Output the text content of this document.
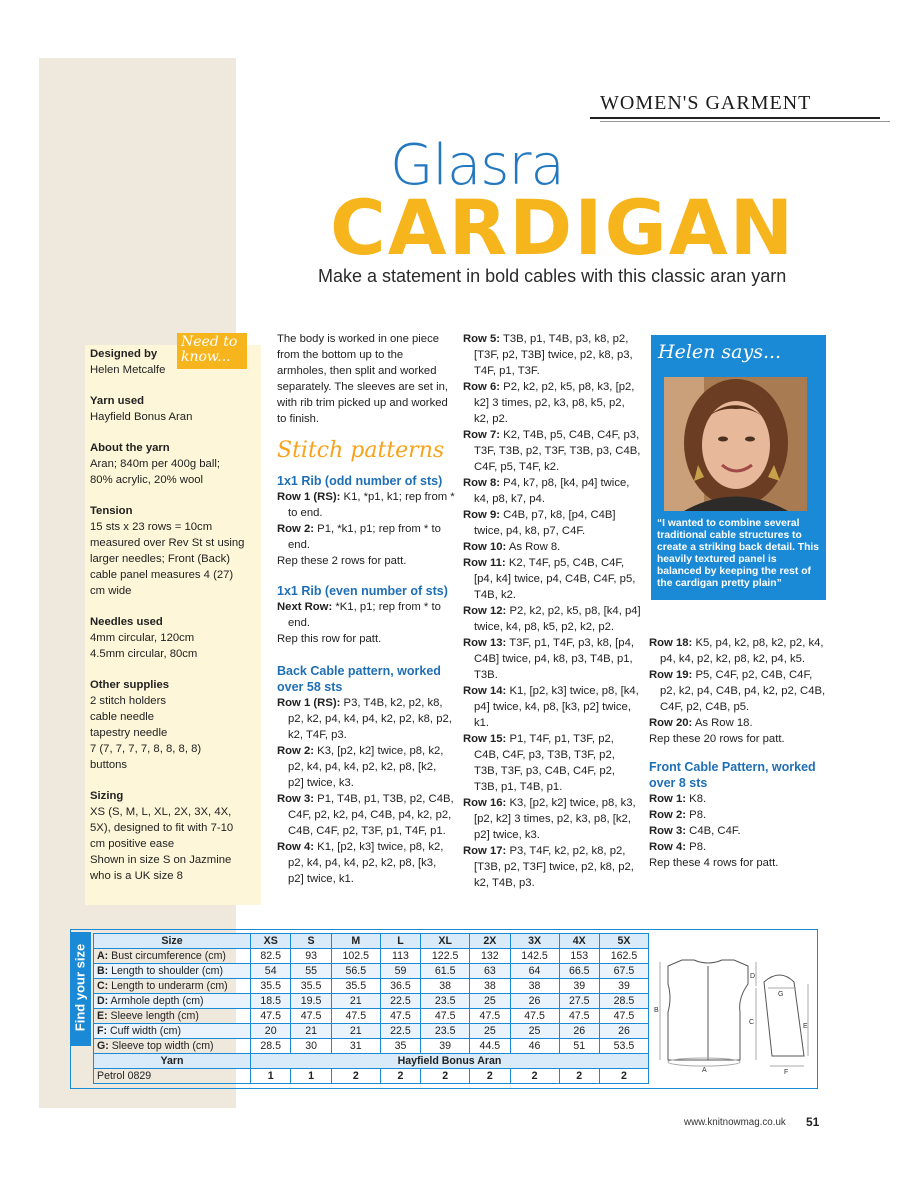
WOMEN'S GARMENT
Glasra
CARDIGAN
Make a statement in bold cables with this classic aran yarn
Need to know...
Designed by
Helen Metcalfe
Yarn used
Hayfield Bonus Aran
About the yarn
Aran; 840m per 400g ball;
80% acrylic, 20% wool
Tension
15 sts x 23 rows = 10cm
measured over Rev St st using
larger needles; Front (Back)
cable panel measures 4 (27)
cm wide
Needles used
4mm circular, 120cm
4.5mm circular, 80cm
Other supplies
2 stitch holders
cable needle
tapestry needle
7 (7, 7, 7, 7, 8, 8, 8, 8)
buttons
Sizing
XS (S, M, L, XL, 2X, 3X, 4X,
5X), designed to fit with 7-10
cm positive ease
Shown in size S on Jazmine
who is a UK size 8

The body is worked in one piece from the bottom up to the armholes, then split and worked separately. The sleeves are set in, with rib trim picked up and worked to finish.

Stitch patterns
1x1 Rib (odd number of sts)

Row 1 (RS): K1, *p1, k1; rep from * to end.

Row 2: P1, *k1, p1; rep from * to end.

Rep these 2 rows for patt.

1x1 Rib (even number of sts)

Next Row: *K1, p1; rep from * to end.

Rep this row for patt.

Back Cable pattern, worked over 58 sts

Row 1 (RS): P3, T4B, k2, p2, k8, p2, k2, p4, k4, p4, k2, p2, k8, p2, k2, T4F, p3.

Row 2: K3, [p2, k2] twice, p8, k2, p2, k4, p4, k4, p2, k2, p8, [k2, p2] twice, k3.

Row 3: P1, T4B, p1, T3B, p2, C4B, C4F, p2, k2, p4, C4B, p4, k2, p2, C4B, C4F, p2, T3F, p1, T4F, p1.

Row 4: K1, [p2, k3] twice, p8, k2, p2, k4, p4, k4, p2, k2, p8, [k3, p2] twice, k1.

Row 5: T3B, p1, T4B, p3, k8, p2, [T3F, p2, T3B] twice, p2, k8, p3, T4F, p1, T3F.

Row 6: P2, k2, p2, k5, p8, k3, [p2, k2] 3 times, p2, k3, p8, k5, p2, k2, p2.

Row 7: K2, T4B, p5, C4B, C4F, p3, T3F, T3B, p2, T3F, T3B, p3, C4B, C4F, p5, T4F, k2.

Row 8: P4, k7, p8, [k4, p4] twice, k4, p8, k7, p4.

Row 9: C4B, p7, k8, [p4, C4B] twice, p4, k8, p7, C4F.

Row 10: As Row 8.

Row 11: K2, T4F, p5, C4B, C4F, [p4, k4] twice, p4, C4B, C4F, p5, T4B, k2.

Row 12: P2, k2, p2, k5, p8, [k4, p4] twice, k4, p8, k5, p2, k2, p2.

Row 13: T3F, p1, T4F, p3, k8, [p4, C4B] twice, p4, k8, p3, T4B, p1, T3B.

Row 14: K1, [p2, k3] twice, p8, [k4, p4] twice, k4, p8, [k3, p2] twice, k1.

Row 15: P1, T4F, p1, T3F, p2, C4B, C4F, p3, T3B, T3F, p2, T3B, T3F, p3, C4B, C4F, p2, T3B, p1, T4B, p1.

Row 16: K3, [p2, k2] twice, p8, k3, [p2, k2] 3 times, p2, k3, p8, [k2, p2] twice, k3.

Row 17: P3, T4F, k2, p2, k8, p2, [T3B, p2, T3F] twice, p2, k8, p2, k2, T4B, p3.

Helen says...
“I wanted to combine several traditional cable structures to create a striking back detail. This heavily textured panel is balanced by keeping the rest of the cardigan pretty plain”

Row 18: K5, p4, k2, p8, k2, p2, k4, p4, k4, p2, k2, p8, k2, p4, k5.

Row 19: P5, C4F, p2, C4B, C4F, p2, k2, p4, C4B, p4, k2, p2, C4B, C4F, p2, C4B, p5.

Row 20: As Row 18.

Rep these 20 rows for patt.

Front Cable Pattern, worked over 8 sts

Row 1: K8.

Row 2: P8.

Row 3: C4B, C4F.

Row 4: P8.

Rep these 4 rows for patt.

Find your size
Size	XS	S	M	L	XL	2X	3X	4X	5X
A: Bust circumference (cm)	82.5	93	102.5	113	122.5	132	142.5	153	162.5
B: Length to shoulder (cm)	54	55	56.5	59	61.5	63	64	66.5	67.5
C: Length to underarm (cm)	35.5	35.5	35.5	36.5	38	38	38	39	39
D: Armhole depth (cm)	18.5	19.5	21	22.5	23.5	25	26	27.5	28.5
E: Sleeve length (cm)	47.5	47.5	47.5	47.5	47.5	47.5	47.5	47.5	47.5
F: Cuff width (cm)	20	21	21	22.5	23.5	25	25	26	26
G: Sleeve top width (cm)	28.5	30	31	35	39	44.5	46	51	53.5
Yarn	Hayfield Bonus Aran								
Petrol 0829	1	1	2	2	2	2	2	2	2	A
B
C
D
E
F
G
www.knitnowmag.co.uk 51
